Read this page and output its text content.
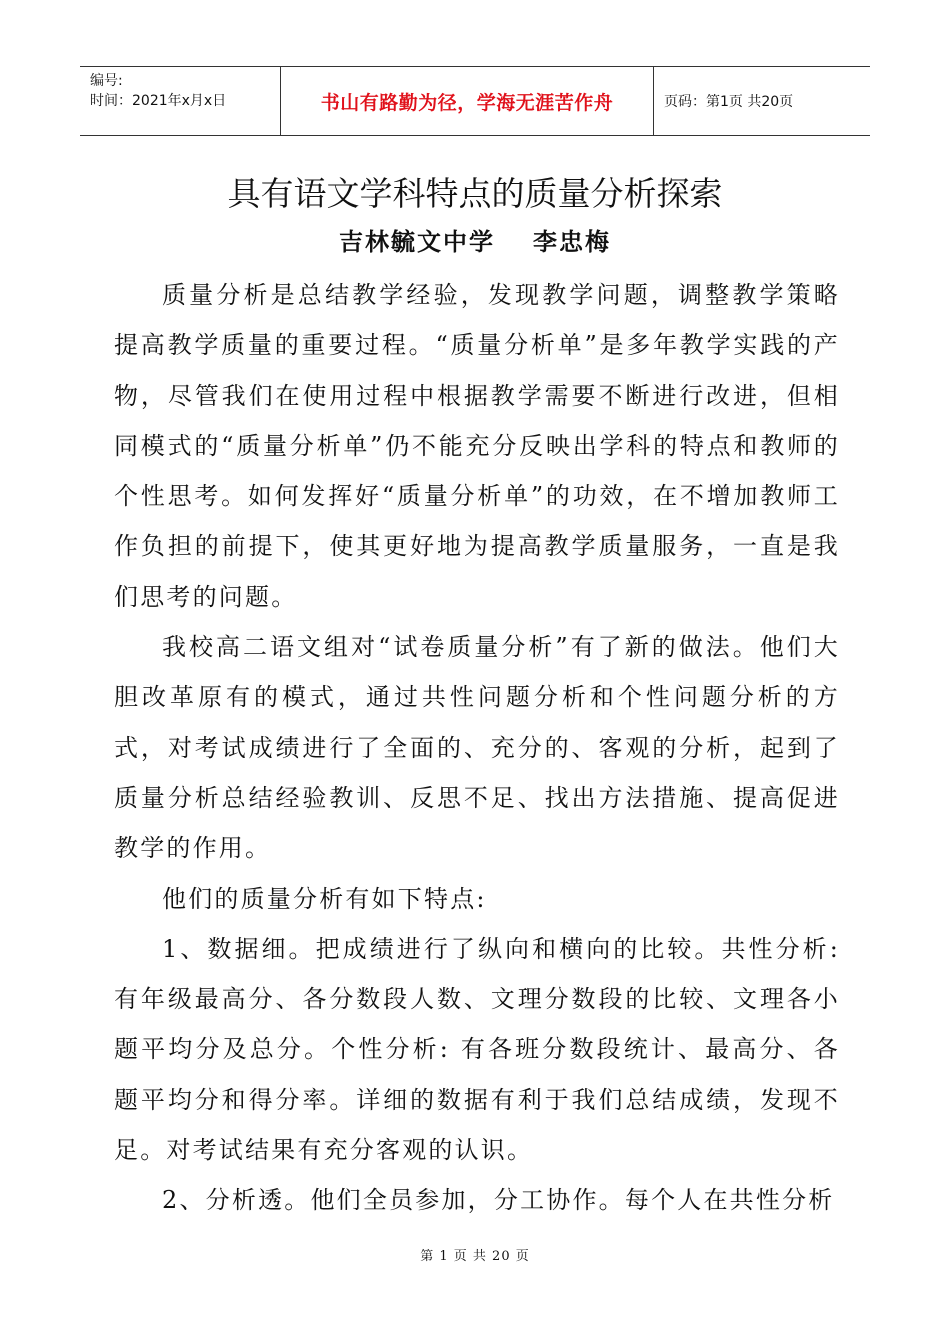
编号:
时间：2021年x月x日	书山有路勤为径，学海无涯苦作舟	页码：第1页 共20页
具有语文学科特点的质量分析探索
吉林毓文中学 李忠梅

质量分析是总结教学经验，发现教学问题，调整教学策略提高教学质量的重要过程。“质量分析单”是多年教学实践的产物，尽管我们在使用过程中根据教学需要不断进行改进，但相同模式的“质量分析单”仍不能充分反映出学科的特点和教师的个性思考。如何发挥好“质量分析单”的功效，在不增加教师工作负担的前提下，使其更好地为提高教学质量服务，一直是我们思考的问题。

我校高二语文组对“试卷质量分析”有了新的做法。他们大胆改革原有的模式，通过共性问题分析和个性问题分析的方式，对考试成绩进行了全面的、充分的、客观的分析，起到了质量分析总结经验教训、反思不足、找出方法措施、提高促进教学的作用。

他们的质量分析有如下特点:

1、数据细。把成绩进行了纵向和横向的比较。共性分析:有年级最高分、各分数段人数、文理分数段的比较、文理各小题平均分及总分。个性分析: 有各班分数段统计、最高分、各题平均分和得分率。详细的数据有利于我们总结成绩，发现不足。对考试结果有充分客观的认识。

2、分析透。他们全员参加，分工协作。每个人在共性分析

第 1 页 共 20 页
